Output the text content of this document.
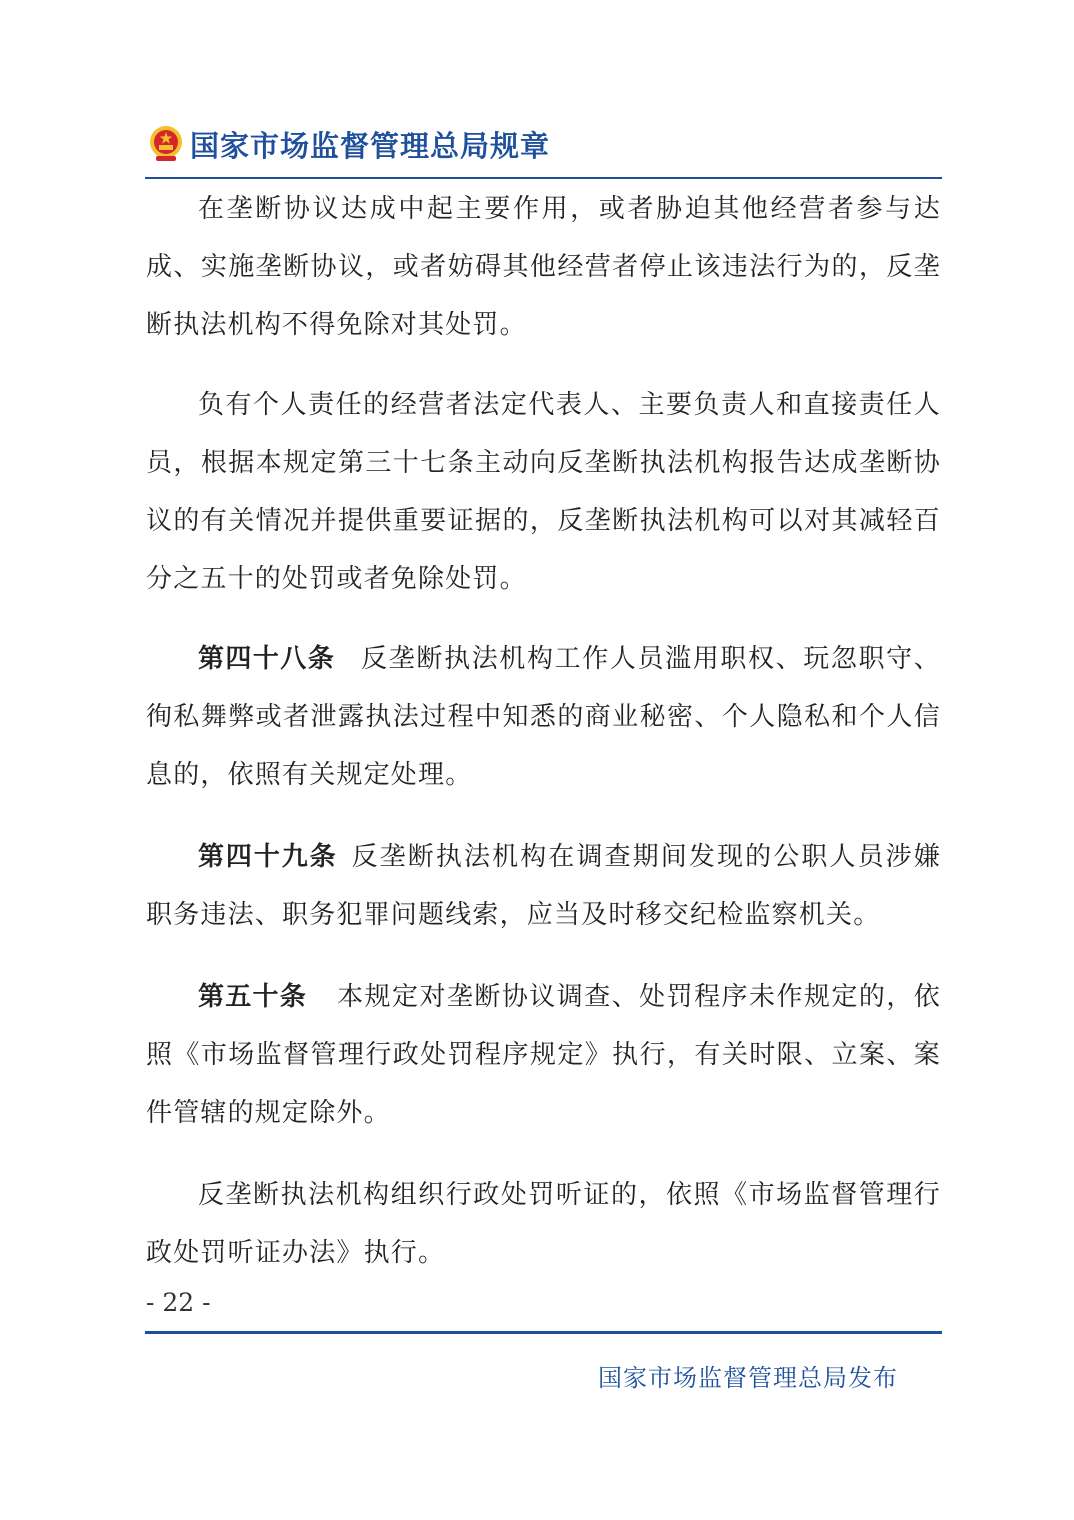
国家市场监督管理总局规章

在垄断协议达成中起主要作用，或者胁迫其他经营者参与达成、实施垄断协议，或者妨碍其他经营者停止该违法行为的，反垄断执法机构不得免除对其处罚。

负有个人责任的经营者法定代表人、主要负责人和直接责任人员，根据本规定第三十七条主动向反垄断执法机构报告达成垄断协议的有关情况并提供重要证据的，反垄断执法机构可以对其减轻百分之五十的处罚或者免除处罚。

第四十八条 反垄断执法机构工作人员滥用职权、玩忽职守、徇私舞弊或者泄露执法过程中知悉的商业秘密、个人隐私和个人信息的，依照有关规定处理。

第四十九条 反垄断执法机构在调查期间发现的公职人员涉嫌职务违法、职务犯罪问题线索，应当及时移交纪检监察机关。

第五十条 本规定对垄断协议调查、处罚程序未作规定的，依照《市场监督管理行政处罚程序规定》执行，有关时限、立案、案件管辖的规定除外。

反垄断执法机构组织行政处罚听证的，依照《市场监督管理行政处罚听证办法》执行。

- 22 -
国家市场监督管理总局发布
